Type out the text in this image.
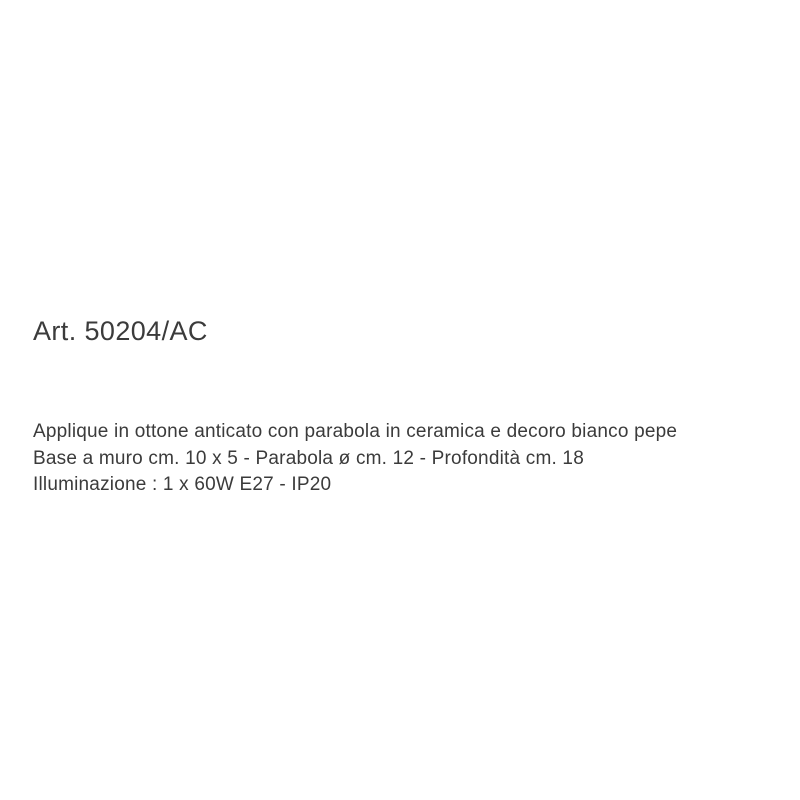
Art. 50204/AC

Applique in ottone anticato con parabola in ceramica e decoro bianco pepe

Base a muro cm. 10 x 5 - Parabola ø cm. 12 - Profondità cm. 18

Illuminazione : 1 x 60W E27 - IP20
